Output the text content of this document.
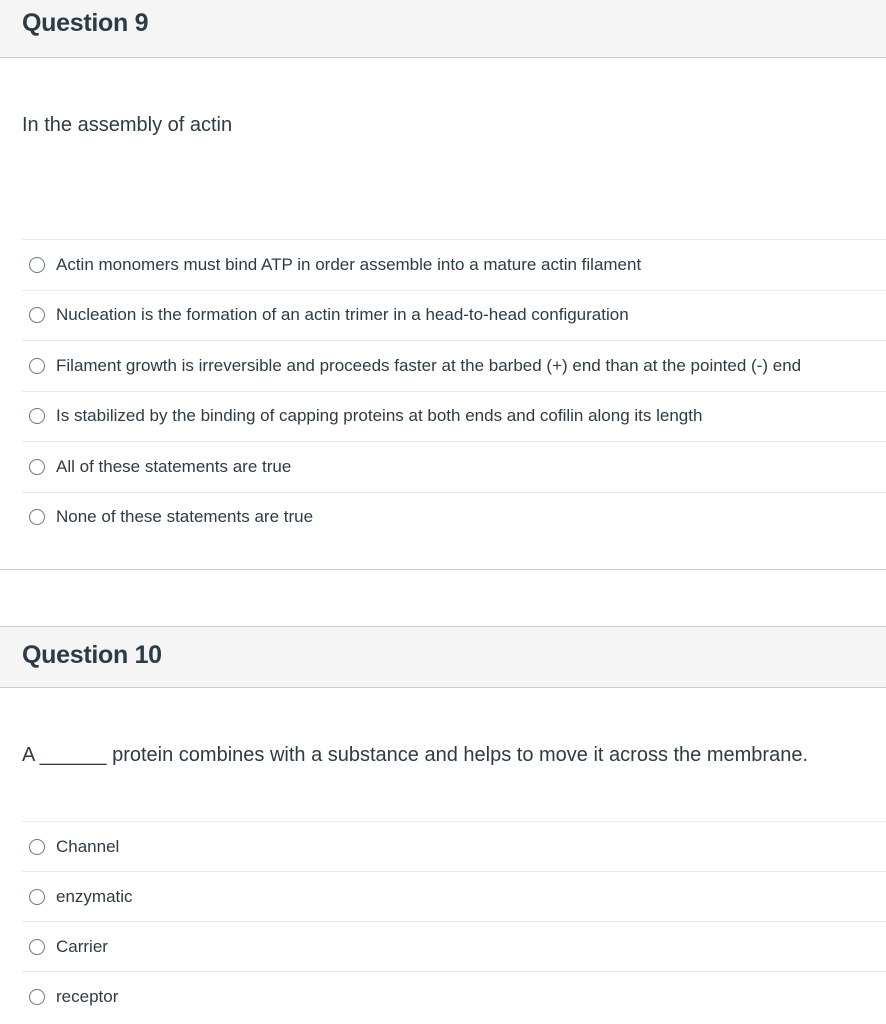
Question 9
In the assembly of actin
Actin monomers must bind ATP in order assemble into a mature actin filament
Nucleation is the formation of an actin trimer in a head-to-head configuration
Filament growth is irreversible and proceeds faster at the barbed (+) end than at the pointed (-) end
Is stabilized by the binding of capping proteins at both ends and cofilin along its length
All of these statements are true
None of these statements are true
Question 10
A ______ protein combines with a substance and helps to move it across the membrane.
Channel
enzymatic
Carrier
receptor
